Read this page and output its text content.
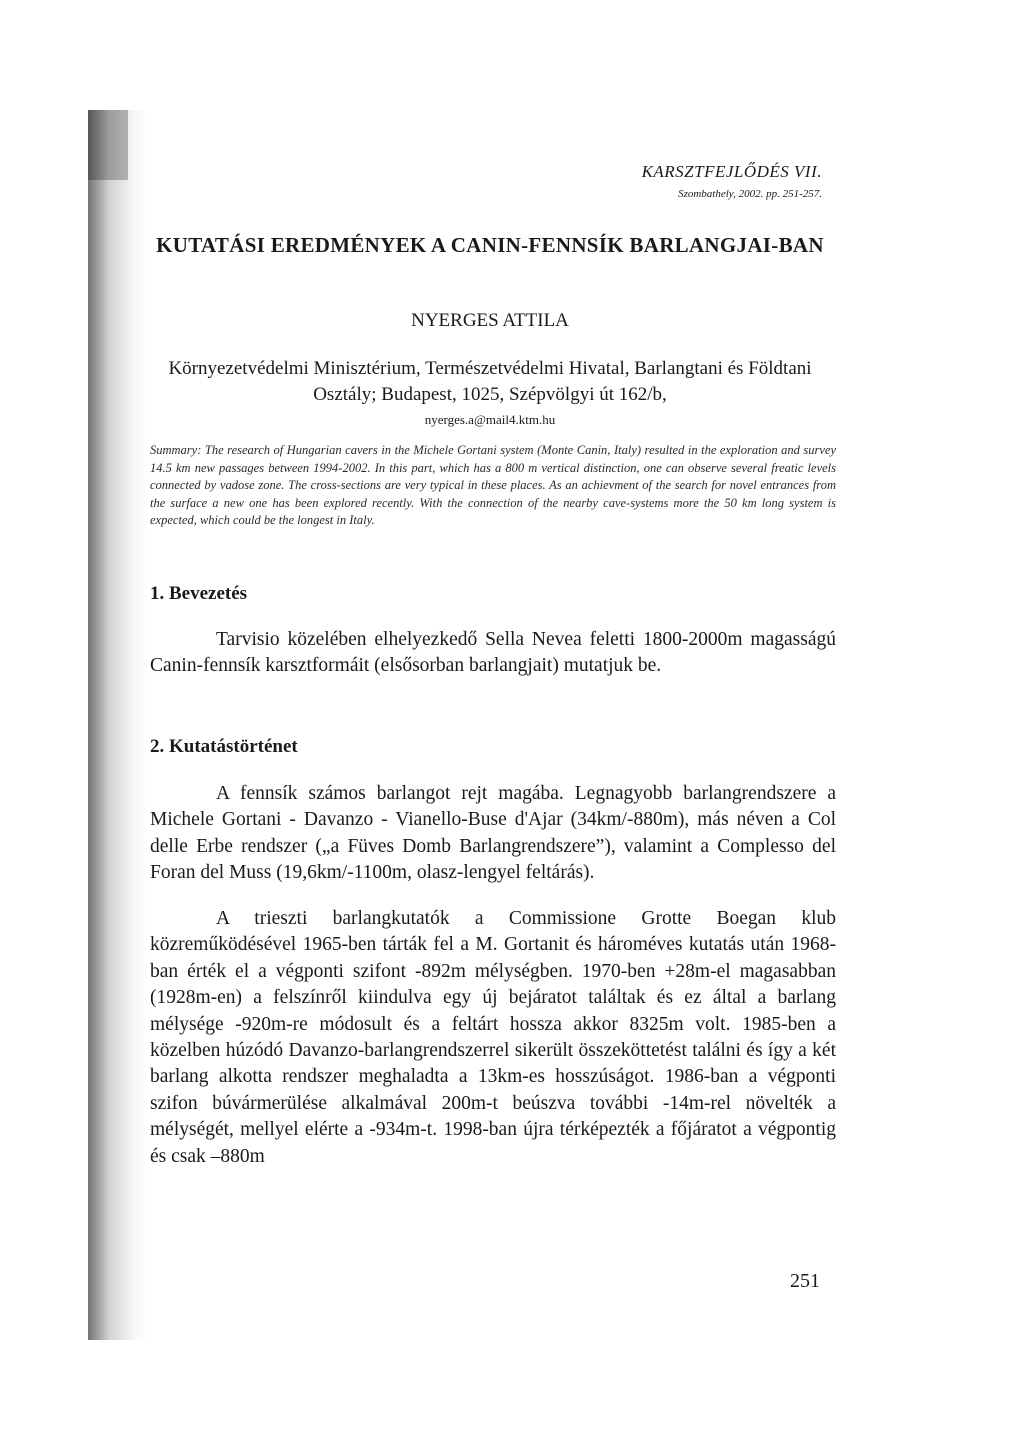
KARSZTFEJLŐDÉS VII.
Szombathely, 2002. pp. 251-257.
KUTATÁSI EREDMÉNYEK A CANIN-FENNSÍK BARLANGJAI-BAN
NYERGES ATTILA
Környezetvédelmi Minisztérium, Természetvédelmi Hivatal, Barlangtani és Földtani Osztály; Budapest, 1025, Szépvölgyi út 162/b,
nyerges.a@mail4.ktm.hu
Summary: The research of Hungarian cavers in the Michele Gortani system (Monte Canin, Italy) resulted in the exploration and survey 14.5 km new passages between 1994-2002. In this part, which has a 800 m vertical distinction, one can observe several freatic levels connected by vadose zone. The cross-sections are very typical in these places. As an achievment of the search for novel entrances from the surface a new one has been explored recently. With the connection of the nearby cave-systems more the 50 km long system is expected, which could be the longest in Italy.
1. Bevezetés
Tarvisio közelében elhelyezkedő Sella Nevea feletti 1800-2000m magasságú Canin-fennsík karsztformáit (elsősorban barlangjait) mutatjuk be.
2. Kutatástörténet
A fennsík számos barlangot rejt magába. Legnagyobb barlangrendszere a Michele Gortani - Davanzo - Vianello-Buse d'Ajar (34km/-880m), más néven a Col delle Erbe rendszer („a Füves Domb Barlangrendszere”), valamint a Complesso del Foran del Muss (19,6km/-1100m, olasz-lengyel feltárás).
A trieszti barlangkutatók a Commissione Grotte Boegan klub közreműködésével 1965-ben tárták fel a M. Gortanit és hároméves kutatás után 1968-ban érték el a végponti szifont -892m mélységben. 1970-ben +28m-el magasabban (1928m-en) a felszínről kiindulva egy új bejáratot találtak és ez által a barlang mélysége -920m-re módosult és a feltárt hossza akkor 8325m volt. 1985-ben a közelben húzódó Davanzo-barlangrendszerrel sikerült összeköttetést találni és így a két barlang alkotta rendszer meghaladta a 13km-es hosszúságot. 1986-ban a végponti szifon búvármerülése alkalmával 200m-t beúszva további -14m-rel növelték a mélységét, mellyel elérte a -934m-t. 1998-ban újra térképezték a főjáratot a végpontig és csak –880m
251
